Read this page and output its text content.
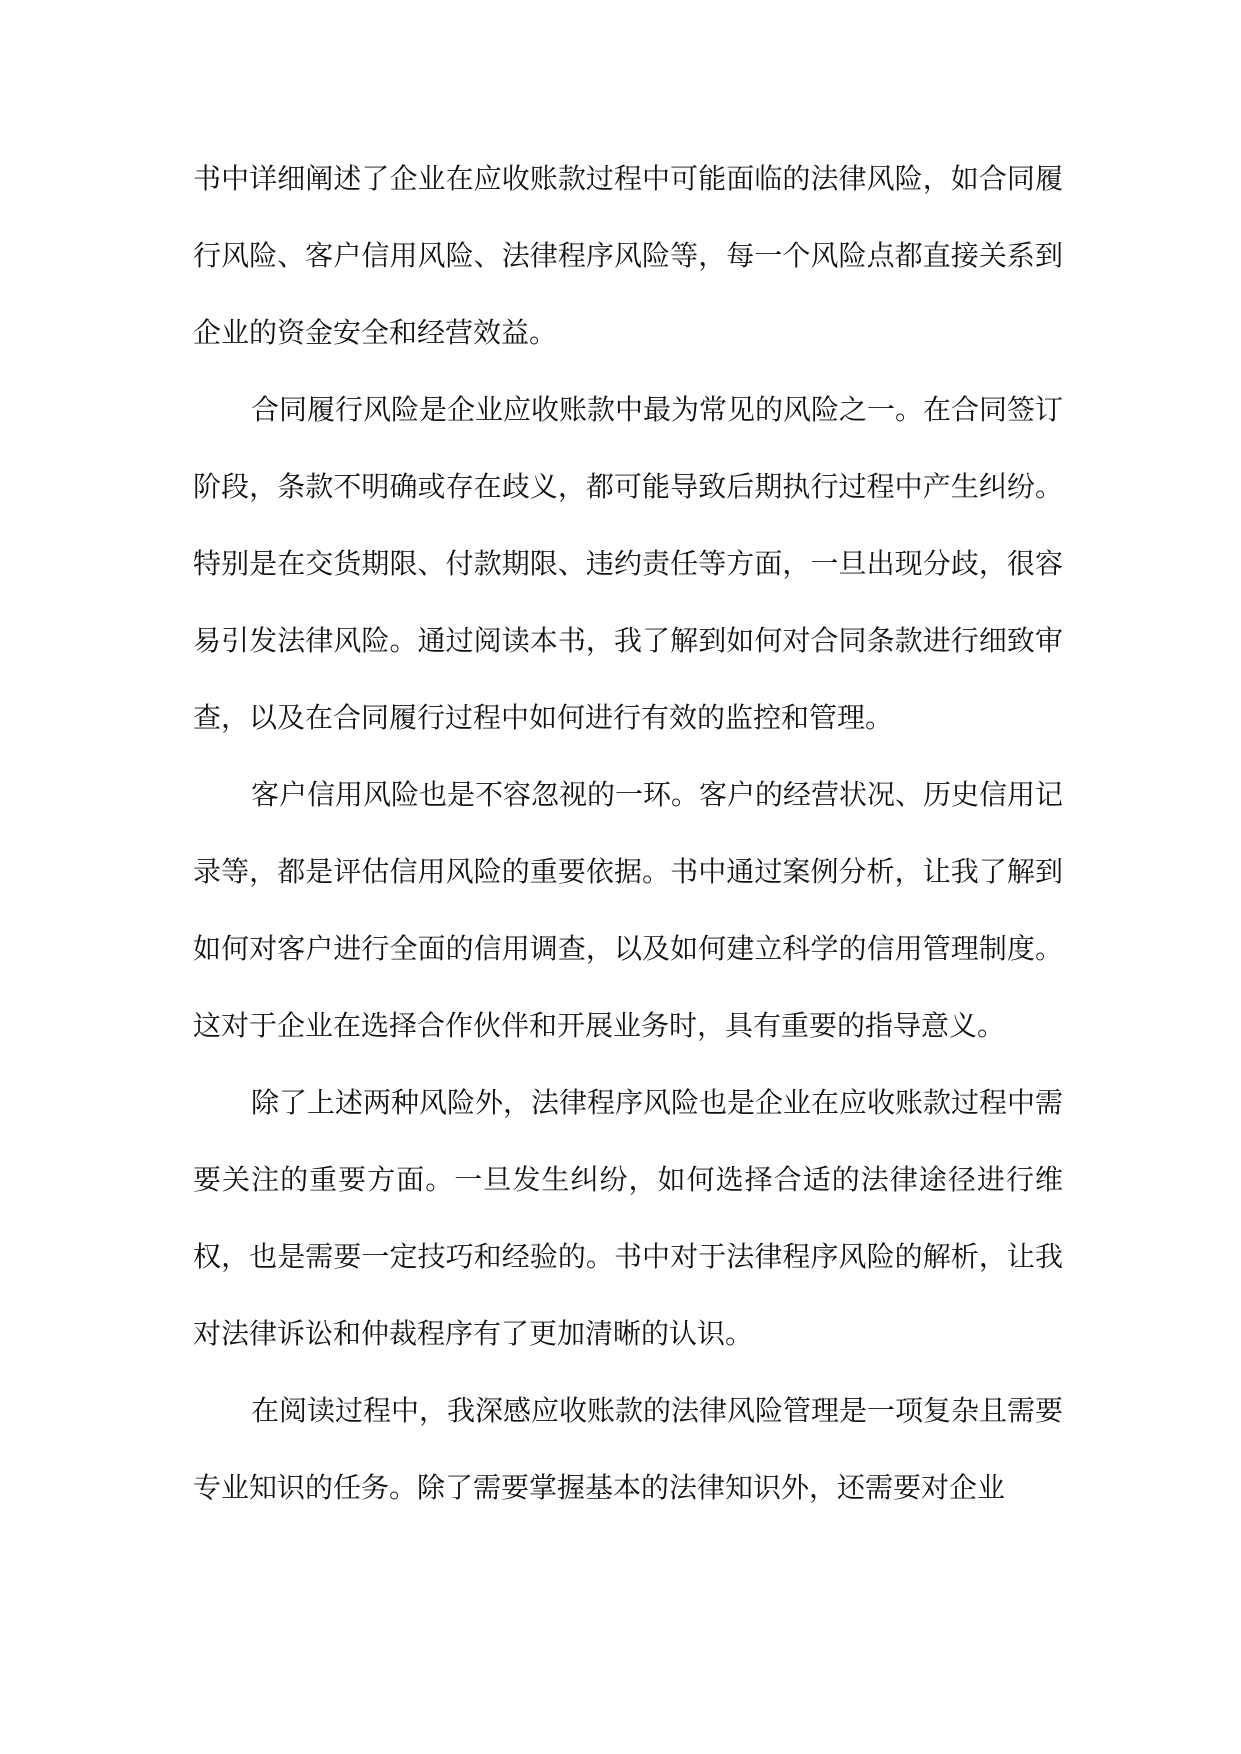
书中详细阐述了企业在应收账款过程中可能面临的法律风险，如合同履行风险、客户信用风险、法律程序风险等，每一个风险点都直接关系到企业的资金安全和经营效益。

合同履行风险是企业应收账款中最为常见的风险之一。在合同签订阶段，条款不明确或存在歧义，都可能导致后期执行过程中产生纠纷。特别是在交货期限、付款期限、违约责任等方面，一旦出现分歧，很容易引发法律风险。通过阅读本书，我了解到如何对合同条款进行细致审查，以及在合同履行过程中如何进行有效的监控和管理。

客户信用风险也是不容忽视的一环。客户的经营状况、历史信用记录等，都是评估信用风险的重要依据。书中通过案例分析，让我了解到如何对客户进行全面的信用调查，以及如何建立科学的信用管理制度。这对于企业在选择合作伙伴和开展业务时，具有重要的指导意义。

除了上述两种风险外，法律程序风险也是企业在应收账款过程中需要关注的重要方面。一旦发生纠纷，如何选择合适的法律途径进行维权，也是需要一定技巧和经验的。书中对于法律程序风险的解析，让我对法律诉讼和仲裁程序有了更加清晰的认识。

在阅读过程中，我深感应收账款的法律风险管理是一项复杂且需要专业知识的任务。除了需要掌握基本的法律知识外，还需要对企业
